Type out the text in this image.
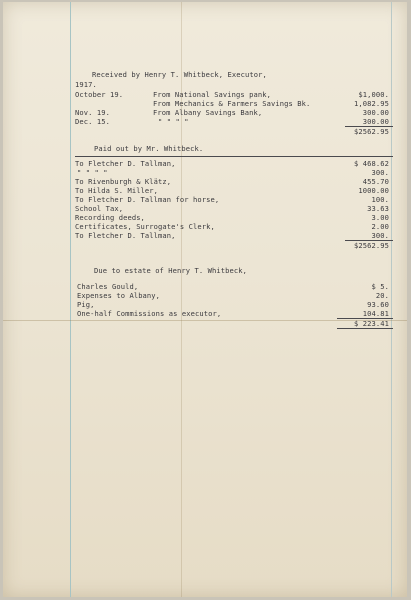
Received by Henry T. Whitbeck, Executor,
1917.
October 19.	From National Savings pank,	$1,000.
From Mechanics & Farmers Savings Bk.	1,082.95
Nov. 19.	From Albany Savings Bank,	300.00
Dec. 15.	" " " "	300.00
$2562.95
Paid out by Mr. Whitbeck.
To Fletcher D. Tallman,	$ 468.62
" " " "	300.
To Rivenburgh & Klätz,	455.70
To Hilda S. Miller,	1000.00
To Fletcher D. Tallman for horse,	100.
School Tax,	33.63
Recording deeds,	3.00
Certificates, Surrogate's Clerk,	2.00
To Fletcher D. Tallman,	300.
$2562.95
Due to estate of Henry T. Whitbeck,
Charles Gould,	$ 5.
Expenses to Albany,	20.
Pig,	93.60
One-half Commissions as executor,	104.81
$ 223.41
